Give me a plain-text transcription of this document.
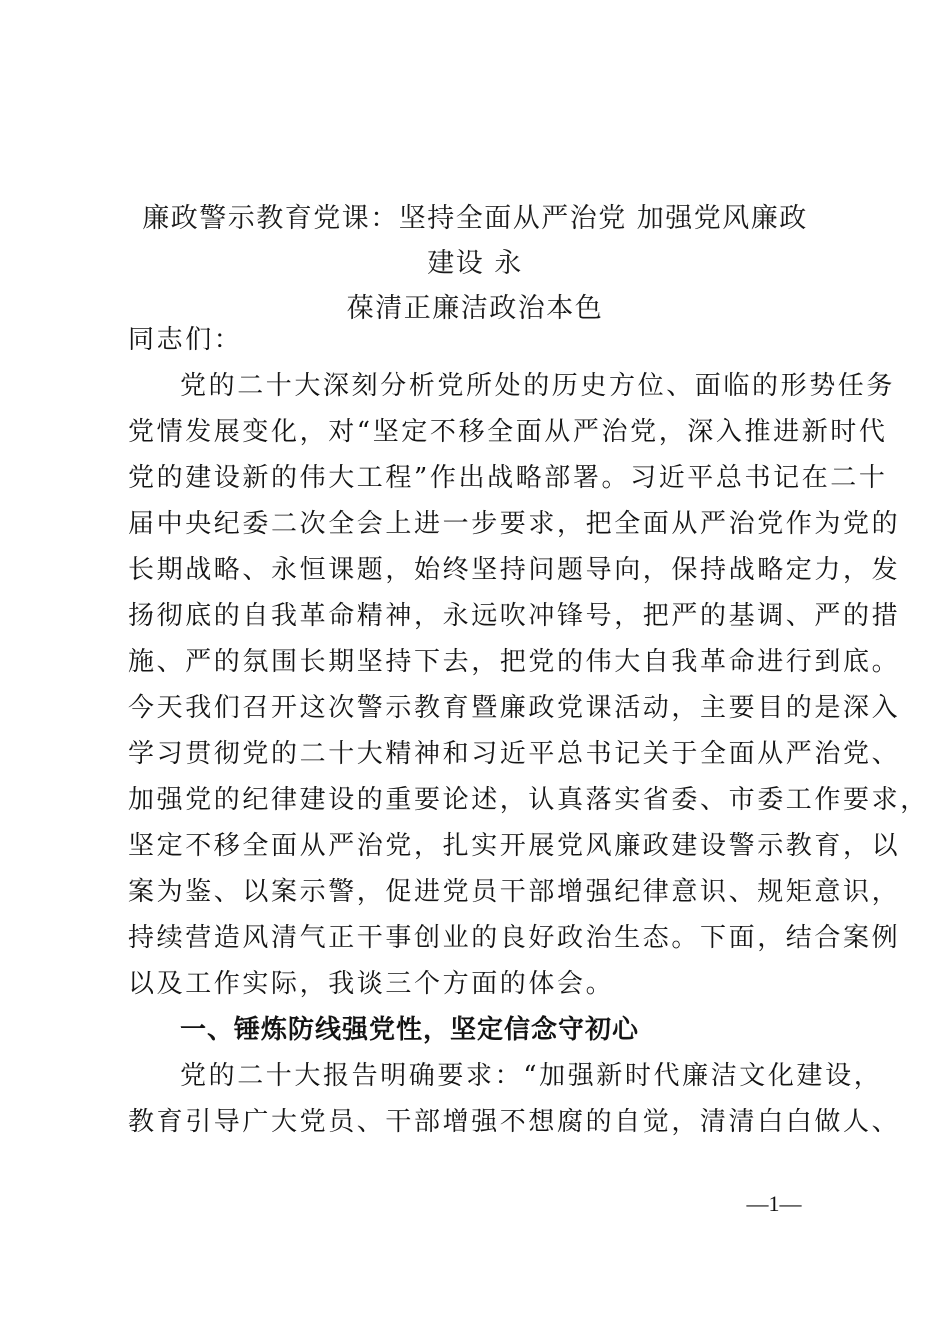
廉政警示教育党课：坚持全面从严治党 加强党风廉政建设 永
葆清正廉洁政治本色
同志们：
党的二十大深刻分析党所处的历史方位、面临的形势任务
党情发展变化，对“坚定不移全面从严治党，深入推进新时代
党的建设新的伟大工程”作出战略部署。习近平总书记在二十
届中央纪委二次全会上进一步要求，把全面从严治党作为党的
长期战略、永恒课题，始终坚持问题导向，保持战略定力，发
扬彻底的自我革命精神，永远吹冲锋号，把严的基调、严的措
施、严的氛围长期坚持下去，把党的伟大自我革命进行到底。
今天我们召开这次警示教育暨廉政党课活动，主要目的是深入
学习贯彻党的二十大精神和习近平总书记关于全面从严治党、
加强党的纪律建设的重要论述，认真落实省委、市委工作要求，
坚定不移全面从严治党，扎实开展党风廉政建设警示教育，以
案为鉴、以案示警，促进党员干部增强纪律意识、规矩意识，
持续营造风清气正干事创业的良好政治生态。下面，结合案例
以及工作实际，我谈三个方面的体会。
一、锤炼防线强党性，坚定信念守初心
党的二十大报告明确要求：“加强新时代廉洁文化建设，
教育引导广大党员、干部增强不想腐的自觉，清清白白做人、
—1—
